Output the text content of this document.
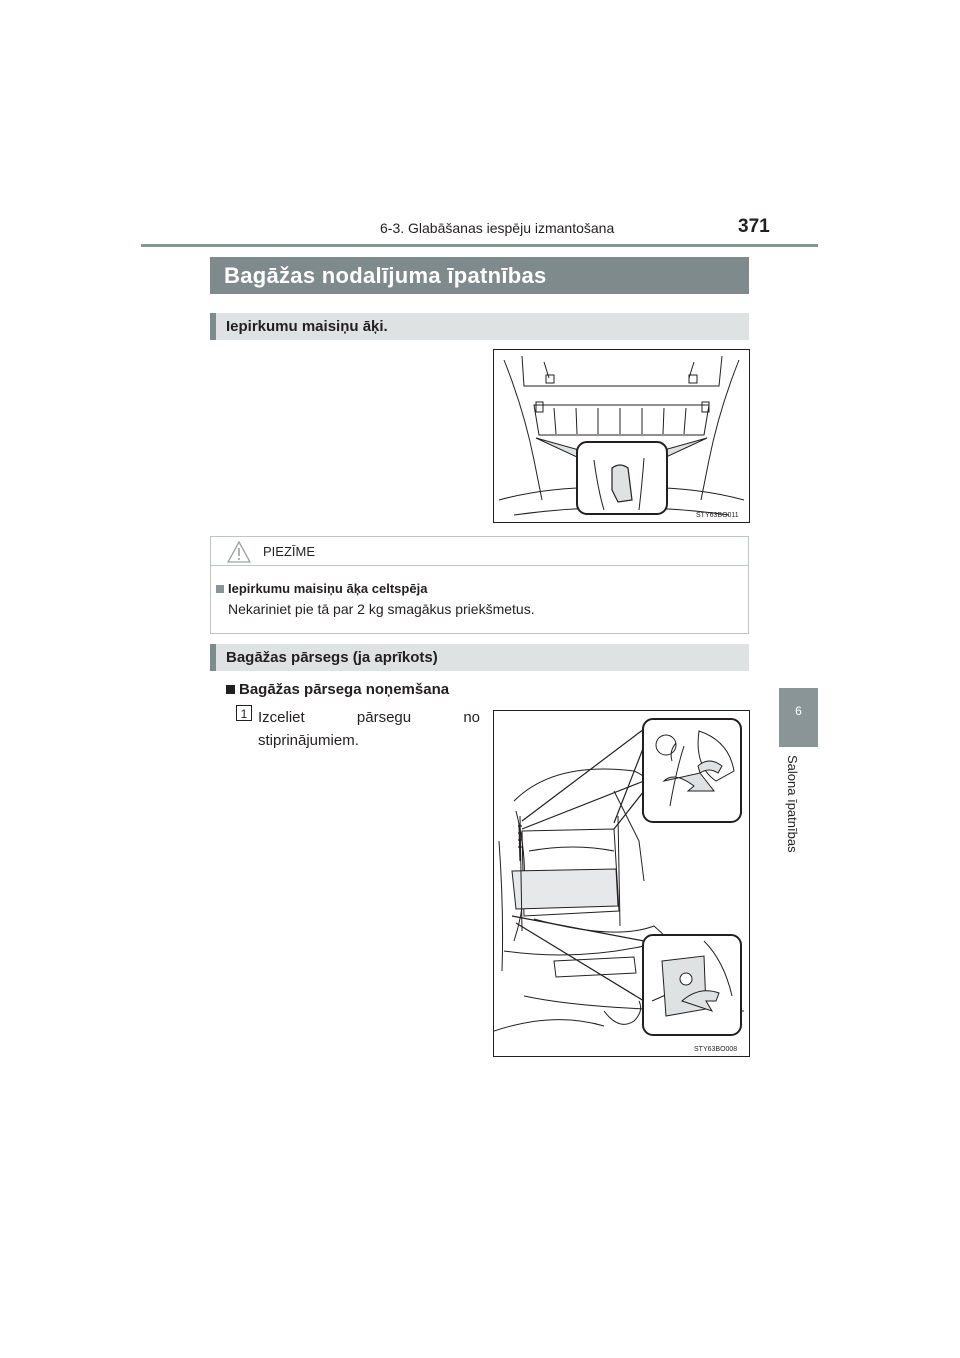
6-3. Glabāšanas iespēju izmantošana	371
6
Salona īpatnības
Bagāžas nodalījuma īpatnības
Iepirkumu maisiņu āķi.
STY63BO011
PIEZĪME
Iepirkumu maisiņu āķa celtspēja
Nekariniet pie tā par 2 kg smagākus priekšmetus.
Bagāžas pārsegs (ja aprīkots)
Bagāžas pārsega noņemšana
1 Izceliet	pārsegu	no
stiprinājumiem.
STY63BO008
